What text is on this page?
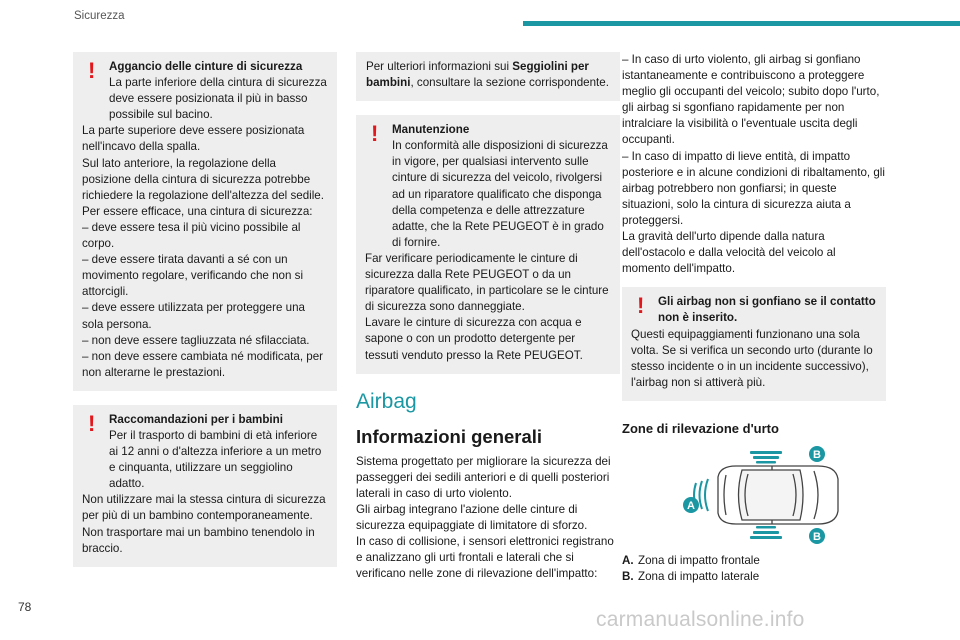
Sicurezza
!	Aggancio delle cinture di sicurezza
La parte inferiore della cintura di sicurezza deve essere posizionata il più in basso possibile sul bacino.
La parte superiore deve essere posizionata nell'incavo della spalla.
Sul lato anteriore, la regolazione della posizione della cintura di sicurezza potrebbe richiedere la regolazione dell'altezza del sedile.
Per essere efficace, una cintura di sicurezza:
– deve essere tesa il più vicino possibile al corpo.
– deve essere tirata davanti a sé con un movimento regolare, verificando che non si attorcigli.
– deve essere utilizzata per proteggere una sola persona.
– non deve essere tagliuzzata né sfilacciata.
– non deve essere cambiata né modificata, per non alterarne le prestazioni.
!	Raccomandazioni per i bambini
Per il trasporto di bambini di età inferiore ai 12 anni o d'altezza inferiore a un metro e cinquanta, utilizzare un seggiolino adatto.
Non utilizzare mai la stessa cintura di sicurezza per più di un bambino contemporaneamente.
Non trasportare mai un bambino tenendolo in braccio.
Per ulteriori informazioni sui Seggiolini per bambini, consultare la sezione corrispondente.
!	Manutenzione
In conformità alle disposizioni di sicurezza in vigore, per qualsiasi intervento sulle cinture di sicurezza del veicolo, rivolgersi ad un riparatore qualificato che disponga della competenza e delle attrezzature adatte, che la Rete PEUGEOT è in grado di fornire.
Far verificare periodicamente le cinture di sicurezza dalla Rete PEUGEOT o da un riparatore qualificato, in particolare se le cinture di sicurezza sono danneggiate.
Lavare le cinture di sicurezza con acqua e sapone o con un prodotto detergente per tessuti venduto presso la Rete PEUGEOT.
Airbag
Informazioni generali
Sistema progettato per migliorare la sicurezza dei passeggeri dei sedili anteriori e di quelli posteriori laterali in caso di urto violento.
Gli airbag integrano l'azione delle cinture di sicurezza equipaggiate di limitatore di sforzo.
In caso di collisione, i sensori elettronici registrano e analizzano gli urti frontali e laterali che si verificano nelle zone di rilevazione dell'impatto:
– In caso di urto violento, gli airbag si gonfiano istantaneamente e contribuiscono a proteggere meglio gli occupanti del veicolo; subito dopo l'urto, gli airbag si sgonfiano rapidamente per non intralciare la visibilità o l'eventuale uscita degli occupanti.
– In caso di impatto di lieve entità, di impatto posteriore e in alcune condizioni di ribaltamento, gli airbag potrebbero non gonfiarsi; in queste situazioni, solo la cintura di sicurezza aiuta a proteggersi.
La gravità dell'urto dipende dalla natura dell'ostacolo e dalla velocità del veicolo al momento dell'impatto.
!	Gli airbag non si gonfiano se il contatto non è inserito.
Questi equipaggiamenti funzionano una sola volta. Se si verifica un secondo urto (durante lo stesso incidente o in un incidente successivo), l'airbag non si attiverà più.
Zone di rilevazione d'urto
A
B
B
A. Zona di impatto frontale
B. Zona di impatto laterale
78
carmanualsonline.info
